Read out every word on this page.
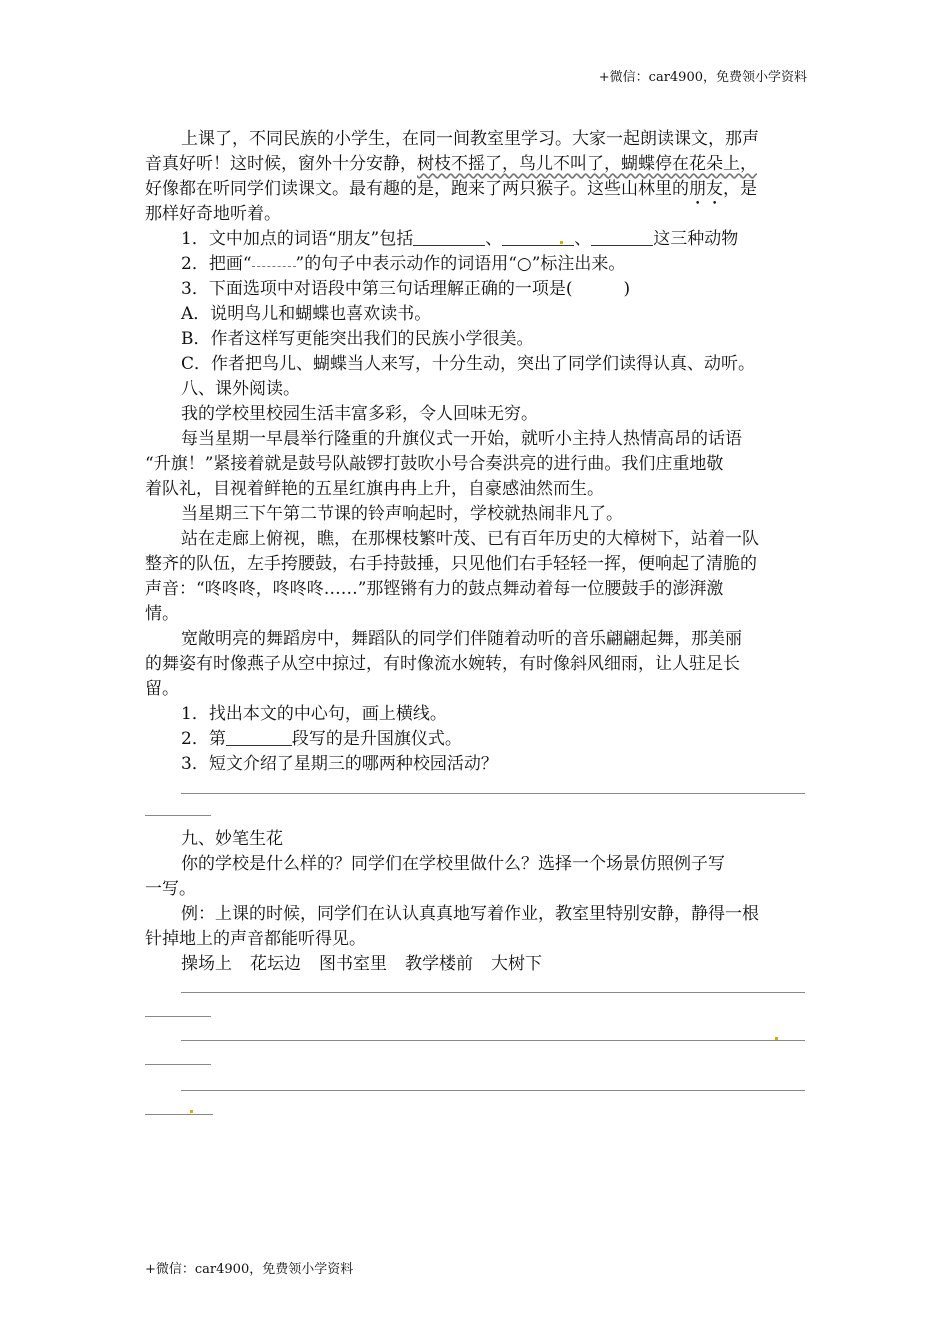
+微信：car4900，免费领小学资料
上课了，不同民族的小学生，在同一间教室里学习。大家一起朗读课文，那声
音真好听！这时候，窗外十分安静，树枝不摇了，鸟儿不叫了，蝴蝶停在花朵上，
好像都在听同学们读课文。最有趣的是，跑来了两只猴子。这些山林里的朋友，是
那样好奇地听着。
1．文中加点的词语“朋友”包括	、	、	这三种动物
2．把画“	”的句子中表示动作的词语用“○”标注出来。
3．下面选项中对语段中第三句话理解正确的一项是(　　　)
A．说明鸟儿和蝴蝶也喜欢读书。
B．作者这样写更能突出我们的民族小学很美。
C．作者把鸟儿、蝴蝶当人来写，十分生动，突出了同学们读得认真、动听。
八、课外阅读。
我的学校里校园生活丰富多彩，令人回味无穷。
每当星期一早晨举行隆重的升旗仪式一开始，就听小主持人热情高昂的话语
“升旗！”紧接着就是鼓号队敲锣打鼓吹小号合奏洪亮的进行曲。我们庄重地敬
着队礼，目视着鲜艳的五星红旗冉冉上升，自豪感油然而生。
当星期三下午第二节课的铃声响起时，学校就热闹非凡了。
站在走廊上俯视，瞧，在那棵枝繁叶茂、已有百年历史的大樟树下，站着一队
整齐的队伍，左手挎腰鼓，右手持鼓捶，只见他们右手轻轻一挥，便响起了清脆的
声音：“咚咚咚，咚咚咚……”那铿锵有力的鼓点舞动着每一位腰鼓手的澎湃激
情。
宽敞明亮的舞蹈房中，舞蹈队的同学们伴随着动听的音乐翩翩起舞，那美丽
的舞姿有时像燕子从空中掠过，有时像流水婉转，有时像斜风细雨，让人驻足长
留。
1．找出本文的中心句，画上横线。
2．第	段写的是升国旗仪式。
3．短文介绍了星期三的哪两种校园活动？
九、妙笔生花
你的学校是什么样的？同学们在学校里做什么？选择一个场景仿照例子写
一写。
例：上课的时候，同学们在认认真真地写着作业，教室里特别安静，静得一根
针掉地上的声音都能听得见。
操场上 花坛边 图书室里 教学楼前 大树下
+微信：car4900，免费领小学资料
